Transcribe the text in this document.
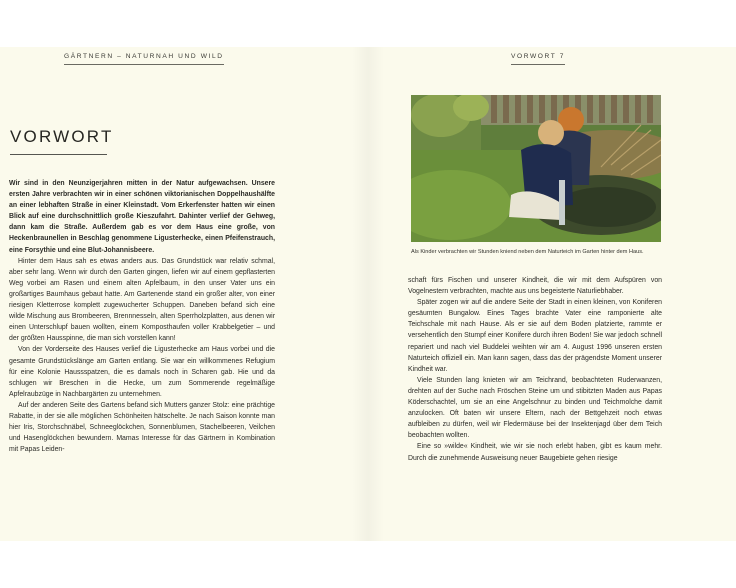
GÄRTNERN – NATURNAH UND WILD
VORWORT

Wir sind in den Neunzigerjahren mitten in der Natur aufgewachsen. Unsere ersten Jahre verbrachten wir in einer schönen viktorianischen Doppelhaushälfte an einer lebhaften Straße in einer Kleinstadt. Vom Erkerfenster hatten wir einen Blick auf eine durchschnittlich große Kieszufahrt. Dahinter verlief der Gehweg, dann kam die Straße. Außerdem gab es vor dem Haus eine große, von Heckenbraunellen in Beschlag genommene Ligusterhecke, einen Pfeifenstrauch, eine Forsythie und eine Blut-Johannisbeere.

Hinter dem Haus sah es etwas anders aus. Das Grundstück war relativ schmal, aber sehr lang. Wenn wir durch den Garten gingen, liefen wir auf einem gepflasterten Weg vorbei am Rasen und einem alten Apfelbaum, in den unser Vater uns ein großartiges Baumhaus gebaut hatte. Am Gartenende stand ein großer alter, von einer riesigen Kletterrose komplett zugewucherter Schuppen. Daneben befand sich eine wilde Mischung aus Brombeeren, Brennnesseln, alten Sperrholzplatten, aus denen wir einen Unterschlupf bauen wollten, einem Komposthaufen voller Krabbelgetier – und der größten Hausspinne, die man sich vorstellen kann!

Von der Vorderseite des Hauses verlief die Ligusterhecke am Haus vorbei und die gesamte Grundstückslänge am Garten entlang. Sie war ein willkommenes Refugium für eine Kolonie Haussspatzen, die es damals noch in Scharen gab. Hie und da schlugen wir Breschen in die Hecke, um zum Sommerende regelmäßige Apfelraubzüge in Nachbargärten zu unternehmen.

Auf der anderen Seite des Gartens befand sich Mutters ganzer Stolz: eine prächtige Rabatte, in der sie alle möglichen Schönheiten hätschelte. Je nach Saison konnte man hier Iris, Storchschnäbel, Schneeglöckchen, Sonnenblumen, Stachelbeeren, Veilchen und Hasenglöckchen bewundern. Mamas Interesse für das Gärtnern in Kombination mit Papas Leiden-

VORWORT 7
Als Kinder verbrachten wir Stunden kniend neben dem Naturteich im Garten hinter dem Haus.

schaft fürs Fischen und unserer Kindheit, die wir mit dem Aufspüren von Vogelnestern verbrachten, machte aus uns begeisterte Naturliebhaber.

Später zogen wir auf die andere Seite der Stadt in einen kleinen, von Koniferen gesäumten Bungalow. Eines Tages brachte Vater eine ramponierte alte Teichschale mit nach Hause. Als er sie auf dem Boden platzierte, rammte er versehentlich den Stumpf einer Konifere durch ihren Boden! Sie war jedoch schnell repariert und nach viel Buddelei weihten wir am 4. August 1996 unseren ersten Naturteich offiziell ein. Man kann sagen, dass das der prägendste Moment unserer Kindheit war.

Viele Stunden lang knieten wir am Teichrand, beobachteten Ruderwanzen, drehten auf der Suche nach Fröschen Steine um und stibitzten Maden aus Papas Köderschachtel, um sie an eine Angelschnur zu binden und Teichmolche damit anzulocken. Oft baten wir unsere Eltern, nach der Bettgehzeit noch etwas aufbleiben zu dürfen, weil wir Fledermäuse bei der Insektenjagd über dem Teich beobachten wollten.

Eine so »wilde« Kindheit, wie wir sie noch erlebt haben, gibt es kaum mehr. Durch die zunehmende Ausweisung neuer Baugebiete gehen riesige
